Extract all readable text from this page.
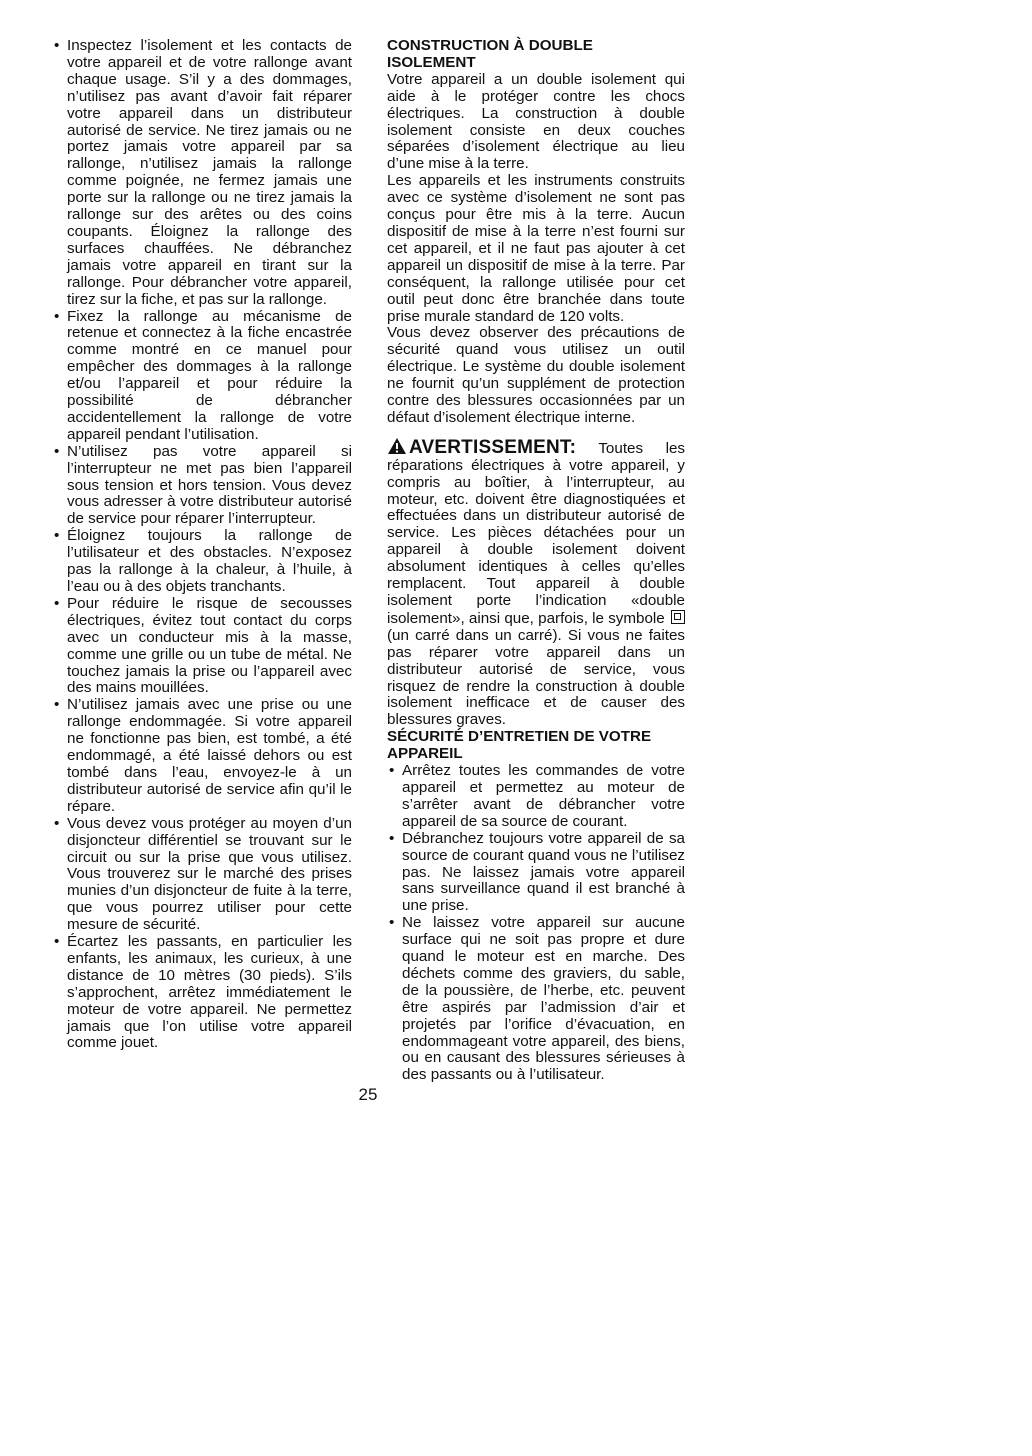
• Inspectez l’isolement et les contacts de votre appareil et de votre rallonge avant chaque usage. S’il y a des dommages, n’utilisez pas avant d’avoir fait réparer votre appareil dans un distributeur autorisé de service. Ne tirez jamais ou ne portez jamais votre appareil par sa rallonge, n’utilisez jamais la rallonge comme poignée, ne fermez jamais une porte sur la rallonge ou ne tirez jamais la rallonge sur des arêtes ou des coins coupants. Éloignez la rallonge des surfaces chauffées. Ne débranchez jamais votre appareil en tirant sur la rallonge. Pour débrancher votre appareil, tirez sur la fiche, et pas sur la rallonge.
• Fixez la rallonge au mécanisme de retenue et connectez à la fiche encastrée comme montré en ce manuel pour empêcher des dommages à la rallonge et/ou l’appareil et pour réduire la possibilité de débrancher accidentellement la rallonge de votre appareil pendant l’utilisation.
• N’utilisez pas votre appareil si l’interrupteur ne met pas bien l’appareil sous tension et hors tension. Vous devez vous adresser à votre distributeur autorisé de service pour réparer l’interrupteur.
• Éloignez toujours la rallonge de l’utilisateur et des obstacles. N’exposez pas la rallonge à la chaleur, à l’huile, à l’eau ou à des objets tranchants.
• Pour réduire le risque de secousses électriques, évitez tout contact du corps avec un conducteur mis à la masse, comme une grille ou un tube de métal. Ne touchez jamais la prise ou l’appareil avec des mains mouillées.
• N’utilisez jamais avec une prise ou une rallonge endommagée. Si votre appareil ne fonctionne pas bien, est tombé, a été endommagé, a été laissé dehors ou est tombé dans l’eau, envoyez-le à un distributeur autorisé de service afin qu’il le répare.
• Vous devez vous protéger au moyen d’un disjoncteur différentiel se trouvant sur le circuit ou sur la prise que vous utilisez. Vous trouverez sur le marché des prises munies d’un disjoncteur de fuite à la terre, que vous pourrez utiliser pour cette mesure de sécurité.
• Écartez les passants, en particulier les enfants, les animaux, les curieux, à une distance de 10 mètres (30 pieds). S’ils s’approchent, arrêtez immédiatement le moteur de votre appareil. Ne permettez jamais que l’on utilise votre appareil comme jouet.
CONSTRUCTION À DOUBLE ISOLEMENT

Votre appareil a un double isolement qui aide à le protéger contre les chocs électriques. La construction à double isolement consiste en deux couches séparées d’isolement électrique au lieu d’une mise à la terre.

Les appareils et les instruments construits avec ce système d’isolement ne sont pas conçus pour être mis à la terre. Aucun dispositif de mise à la terre n’est fourni sur cet appareil, et il ne faut pas ajouter à cet appareil un dispositif de mise à la terre. Par conséquent, la rallonge utilisée pour cet outil peut donc être branchée dans toute prise murale standard de 120 volts.

Vous devez observer des précautions de sécurité quand vous utilisez un outil électrique. Le système du double isolement ne fournit qu’un supplément de protection contre des blessures occasionnées par un défaut d’isolement électrique interne.

AVERTISSEMENT: Toutes les réparations électriques à votre appareil, y compris au boîtier, à l’interrupteur, au moteur, etc. doivent être diagnostiquées et effectuées dans un distributeur autorisé de service. Les pièces détachées pour un appareil à double isolement doivent absolument identiques à celles qu’elles remplacent. Tout appareil à double isolement porte l’indication «double isolement», ainsi que, parfois, le symbole  (un carré dans un carré). Si vous ne faites pas réparer votre appareil dans un distributeur autorisé de service, vous risquez de rendre la construction à double isolement inefficace et de causer des blessures graves.

SÉCURITÉ D’ENTRETIEN DE VOTRE APPAREIL
• Arrêtez toutes les commandes de votre appareil et permettez au moteur de s’arrêter avant de débrancher votre appareil de sa source de courant.
• Débranchez toujours votre appareil de sa source de courant quand vous ne l’utilisez pas. Ne laissez jamais votre appareil sans surveillance quand il est branché à une prise.
• Ne laissez votre appareil sur aucune surface qui ne soit pas propre et dure quand le moteur est en marche. Des déchets comme des graviers, du sable, de la poussière, de l’herbe, etc. peuvent être aspirés par l’admission d’air et projetés par l’orifice d’évacuation, en endommageant votre appareil, des biens, ou en causant des blessures sérieuses à des passants ou à l’utilisateur.
25
